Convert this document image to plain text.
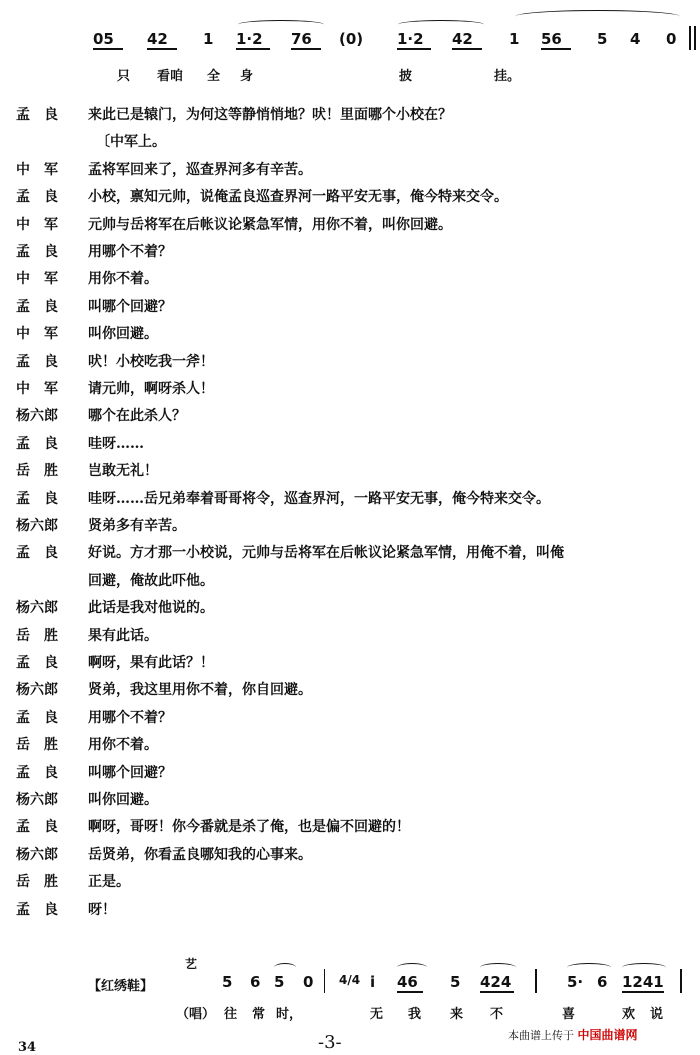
05 42 1 1·2 76 (0) 1·2 42 1 56 5 4 0
只 看咱 全 身	披	挂。
孟　良	来此已是辕门，为何这等静悄悄地？吠！里面哪个小校在？
〔中军上。
中　军	孟将军回来了，巡查界河多有辛苦。
孟　良	小校，禀知元帅，说俺孟良巡查界河一路平安无事，俺今特来交令。
中　军	元帅与岳将军在后帐议论紧急军情，用你不着，叫你回避。
孟　良	用哪个不着？
中　军	用你不着。
孟　良	叫哪个回避？
中　军	叫你回避。
孟　良	吠！小校吃我一斧！
中　军	请元帅，啊呀杀人！
杨六郎	哪个在此杀人？
孟　良	哇呀……
岳　胜	岂敢无礼！
孟　良	哇呀……岳兄弟奉着哥哥将令，巡查界河，一路平安无事，俺今特来交令。
杨六郎	贤弟多有辛苦。
孟　良	好说。方才那一小校说，元帅与岳将军在后帐议论紧急军情，用俺不着，叫俺
回避，俺故此吓他。
杨六郎	此话是我对他说的。
岳　胜	果有此话。
孟　良	啊呀，果有此话？！
杨六郎	贤弟，我这里用你不着，你自回避。
孟　良	用哪个不着？
岳　胜	用你不着。
孟　良	叫哪个回避？
杨六郎	叫你回避。
孟　良	啊呀，哥呀！你今番就是杀了俺，也是偏不回避的！
杨六郎	岳贤弟，你看孟良哪知我的心事来。
岳　胜	正是。
孟　良	呀！
【红绣鞋】
艺
5 6 5 0 4/4 i 46 5 424	5· 6 1241
（唱） 往 常 时，	无 我 来 不	喜	欢 说
34	-3-	本曲谱上传于 中国曲谱网
